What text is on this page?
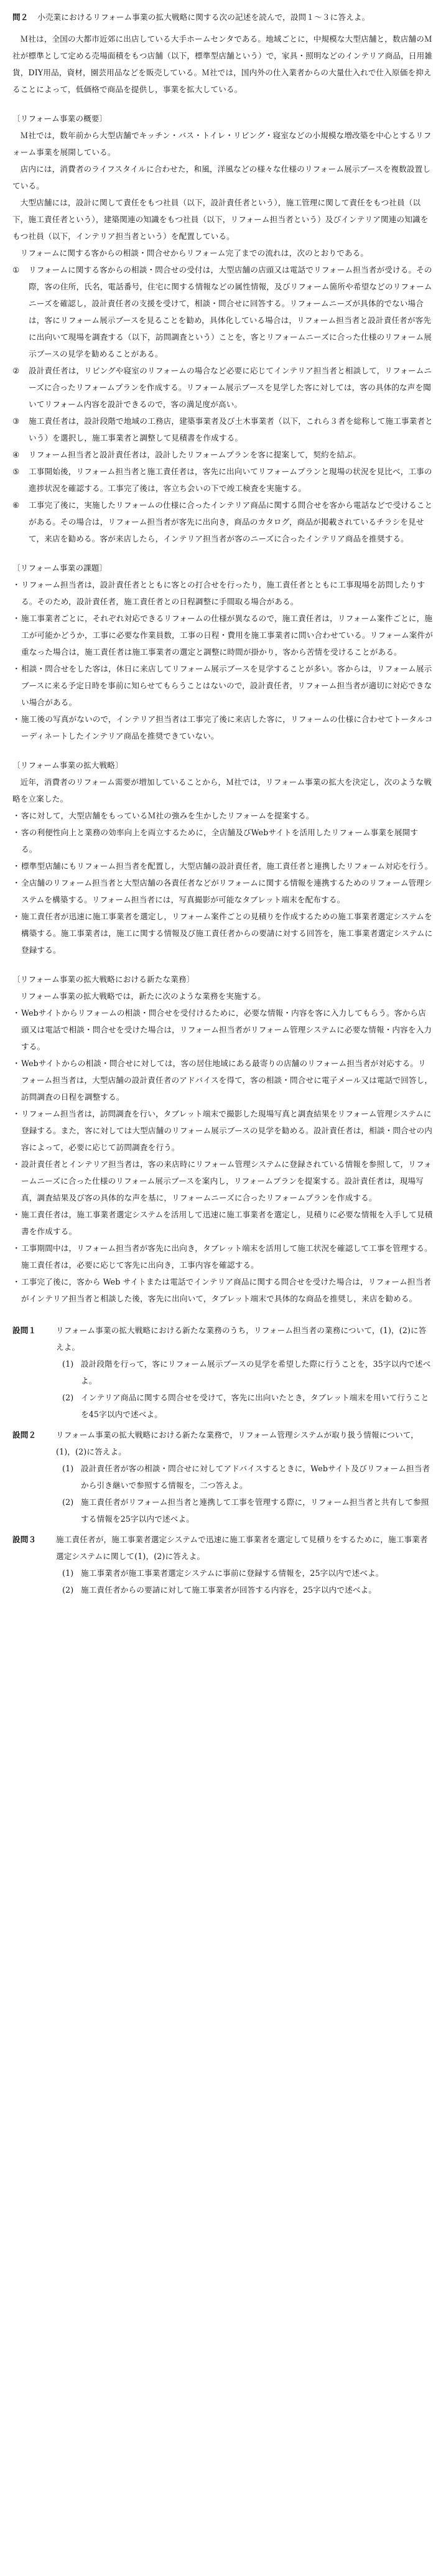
問２	小売業におけるリフォーム事業の拡大戦略に関する次の記述を読んで，設問１～３に答えよ。

Ｍ社は，全国の大都市近郊に出店している大手ホームセンタである。地域ごとに，中規模な大型店舗と，数店舗のＭ社が標準として定める売場面積をもつ店舗（以下，標準型店舗という）で，家具・照明などのインテリア商品，日用雑貨，DIY用品，資材，園芸用品などを販売している。Ｍ社では，国内外の仕入業者からの大量仕入れで仕入原価を抑えることによって，低価格で商品を提供し，事業を拡大している。

〔リフォーム事業の概要〕

Ｍ社では，数年前から大型店舗でキッチン・バス・トイレ・リビング・寝室などの小規模な増改築を中心とするリフォーム事業を展開している。

店内には，消費者のライフスタイルに合わせた，和風，洋風などの様々な仕様のリフォーム展示ブースを複数設置している。

大型店舗には，設計に関して責任をもつ社員（以下，設計責任者という），施工管理に関して責任をもつ社員（以下，施工責任者という），建築関連の知識をもつ社員（以下，リフォーム担当者という）及びインテリア関連の知識をもつ社員（以下，インテリア担当者という）を配置している。

リフォームに関する客からの相談・問合せからリフォーム完了までの流れは，次のとおりである。

①	リフォームに関する客からの相談・問合せの受付は，大型店舗の店頭又は電話でリフォーム担当者が受ける。その際，客の住所，氏名，電話番号，住宅に関する情報などの属性情報，及びリフォーム箇所や希望などのリフォームニーズを確認し，設計責任者の支援を受けて，相談・問合せに回答する。リフォームニーズが具体的でない場合は，客にリフォーム展示ブースを見ることを勧め，具体化している場合は，リフォーム担当者と設計責任者が客先に出向いて現場を調査する（以下，訪問調査という）ことを，客とリフォームニーズに合った仕様のリフォーム展示ブースの見学を勧めることがある。
②	設計責任者は，リビングや寝室のリフォームの場合など必要に応じてインテリア担当者と相談して，リフォームニーズに合ったリフォームプランを作成する。リフォーム展示ブースを見学した客に対しては，客の具体的な声を聞いてリフォーム内容を設計できるので，客の満足度が高い。
③	施工責任者は，設計段階で地域の工務店，建築事業者及び土木事業者（以下，これら３者を総称して施工事業者という）を選択し，施工事業者と調整して見積書を作成する。
④	リフォーム担当者と設計責任者は，設計したリフォームプランを客に提案して，契約を結ぶ。
⑤	工事開始後，リフォーム担当者と施工責任者は，客先に出向いてリフォームプランと現場の状況を見比べ，工事の進捗状況を確認する。工事完了後は，客立ち会いの下で竣工検査を実施する。
⑥	工事完了後に，実施したリフォームの仕様に合ったインテリア商品に関する問合せを客から電話などで受けることがある。その場合は，リフォーム担当者が客先に出向き，商品のカタログ，商品が掲載されているチラシを見せて，来店を勧める。客が来店したら，インテリア担当者が客のニーズに合ったインテリア商品を推奨する。

〔リフォーム事業の課題〕

・ リフォーム担当者は，設計責任者とともに客との打合せを行ったり，施工責任者とともに工事現場を訪問したりする。そのため，設計責任者，施工責任者との日程調整に手間取る場合がある。
・ 施工事業者ごとに，それぞれ対応できるリフォームの仕様が異なるので，施工責任者は，リフォーム案件ごとに，施工が可能かどうか，工事に必要な作業員数，工事の日程・費用を施工事業者に問い合わせている。リフォーム案件が重なった場合は，施工責任者は施工事業者の選定と調整に時間が掛かり，客から苦情を受けることがある。
・ 相談・問合せをした客は，休日に来店してリフォーム展示ブースを見学することが多い。客からは，リフォーム展示ブースに来る予定日時を事前に知らせてもらうことはないので，設計責任者，リフォーム担当者が適切に対応できない場合がある。
・ 施工後の写真がないので，インテリア担当者は工事完了後に来店した客に，リフォームの仕様に合わせてトータルコーディネートしたインテリア商品を推奨できていない。

〔リフォーム事業の拡大戦略〕

近年，消費者のリフォーム需要が増加していることから，Ｍ社では，リフォーム事業の拡大を決定し，次のような戦略を立案した。

・ 客に対して，大型店舗をもっているＭ社の強みを生かしたリフォームを提案する。
・ 客の利便性向上と業務の効率向上を両立するために，全店舗及びWebサイトを活用したリフォーム事業を展開する。
・ 標準型店舗にもリフォーム担当者を配置し，大型店舗の設計責任者，施工責任者と連携したリフォーム対応を行う。
・ 全店舗のリフォーム担当者と大型店舗の各責任者などがリフォームに関する情報を連携するためのリフォーム管理システムを構築する。リフォーム担当者には，写真撮影が可能なタブレット端末を配布する。
・ 施工責任者が迅速に施工事業者を選定し，リフォーム案件ごとの見積りを作成するための施工事業者選定システムを構築する。施工事業者は，施工に関する情報及び施工責任者からの要請に対する回答を，施工事業者選定システムに登録する。

〔リフォーム事業の拡大戦略における新たな業務〕

リフォーム事業の拡大戦略では，新たに次のような業務を実施する。

・ Webサイトからリフォームの相談・問合せを受付けるために，必要な情報・内容を客に入力してもらう。客から店頭又は電話で相談・問合せを受けた場合は，リフォーム担当者がリフォーム管理システムに必要な情報・内容を入力する。
・ Webサイトからの相談・問合せに対しては，客の居住地域にある最寄りの店舗のリフォーム担当者が対応する。リフォーム担当者は，大型店舗の設計責任者のアドバイスを得て，客の相談・問合せに電子メール又は電話で回答し，訪問調査の日程を調整する。
・ リフォーム担当者は，訪問調査を行い，タブレット端末で撮影した現場写真と調査結果をリフォーム管理システムに登録する。また，客に対しては大型店舗のリフォーム展示ブースの見学を勧める。設計責任者は，相談・問合せの内容によって，必要に応じて訪問調査を行う。
・ 設計責任者とインテリア担当者は，客の来店時にリフォーム管理システムに登録されている情報を参照して，リフォームニーズに合った仕様のリフォーム展示ブースを案内し，リフォームプランを提案する。設計責任者は，現場写真，調査結果及び客の具体的な声を基に，リフォームニーズに合ったリフォームプランを作成する。
・ 施工責任者は，施工事業者選定システムを活用して迅速に施工事業者を選定し，見積りに必要な情報を入手して見積書を作成する。
・ 工事期間中は，リフォーム担当者が客先に出向き，タブレット端末を活用して施工状況を確認して工事を管理する。施工責任者は，必要に応じて客先に出向き，工事内容を確認する。
・ 工事完了後に，客から Web サイトまたは電話でインテリア商品に関する問合せを受けた場合は，リフォーム担当者がインテリア担当者と相談した後，客先に出向いて，タブレット端末で具体的な商品を推奨し，来店を勧める。
設問１	リフォーム事業の拡大戦略における新たな業務のうち，リフォーム担当者の業務について，(1)，(2)に答えよ。
(1) 設計段階を行って，客にリフォーム展示ブースの見学を希望した際に行うことを，35字以内で述べよ。
(2) インテリア商品に関する問合せを受けて，客先に出向いたとき，タブレット端末を用いて行うことを45字以内で述べよ。
設問２	リフォーム事業の拡大戦略における新たな業務で，リフォーム管理システムが取り扱う情報について，(1)，(2)に答えよ。
(1) 設計責任者が客の相談・問合せに対してアドバイスするときに，Webサイト及びリフォーム担当者から引き継いで参照する情報を，二つ答えよ。
(2) 施工責任者がリフォーム担当者と連携して工事を管理する際に，リフォーム担当者と共有して参照する情報を25字以内で述べよ。
設問３	施工責任者が，施工事業者選定システムで迅速に施工事業者を選定して見積りをするために，施工事業者選定システムに関して(1)，(2)に答えよ。
(1) 施工事業者が施工事業者選定システムに事前に登録する情報を，25字以内で述べよ。
(2) 施工責任者からの要請に対して施工事業者が回答する内容を，25字以内で述べよ。
